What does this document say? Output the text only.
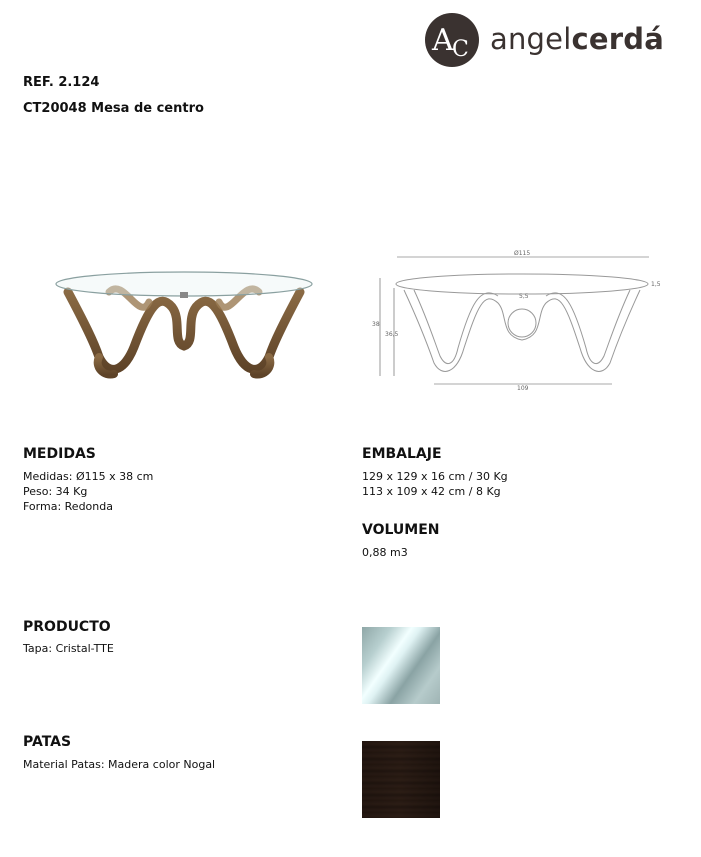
A
C angelcerdá
REF. 2.124
CT20048 Mesa de centro
Ø115
1,5
38
36,5
109
5,5
MEDIDAS
Medidas: Ø115 x 38 cm
Peso: 34 Kg
Forma: Redonda
EMBALAJE
129 x 129 x 16 cm / 30 Kg
113 x 109 x 42 cm / 8 Kg
VOLUMEN
0,88 m3
PRODUCTO
Tapa: Cristal-TTE
PATAS
Material Patas: Madera color Nogal
